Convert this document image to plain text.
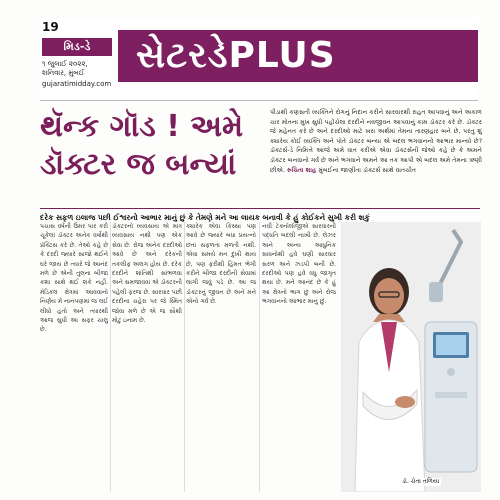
19
મિડ-ડે
૧ જુલાઈ ૨૦૨૨,
શનિવાર, મુંબઈ
gujaratimidday.com
સેટરડેPLUS
થૅન્ક ગૉડ ! અમે
ડૉક્ટર જ બન્યાં
પીડાથી કણસતી વ્યક્તિને રોગનું નિદાન કરીને સારવારથી રાહત આપવાનું અને અકાળ ચાર મોતના મુખ સુધી પહોંચેલા દરદીને નવજીવન આપવાનું કામ ડૉક્ટર કરે છે. ડૉક્ટર જે મહેનત કરે છે અને દરદીઓ માટે ખરા અર્થમાં તેમના તારણહાર બને છે, પરંતુ શું ક્યારેય કોઈ વ્યક્તિ અને પોતે ડૉક્ટર બન્યા એ બદલ ભગવાનનો આભાર માન્યો છે? ડૉક્ટર્સ-ડે નિમિત્તે આજે અમે વાત કરીએ એવા ડૉક્ટર્સની જેઓ કહે છે કે અમને ડૉક્ટર બનવાનો ગર્વ છે અને ભગવાને અમને આ તક આપી એ બદલ અમે તેમના ઋણી છીએ. રુચિતા શાહ મુંબઈના જાણીતા ડૉક્ટર્સ સાથે વાતચીત
દરેક સફળ ઇલાજ પછી ઈશ્વરનો આભાર માનું છું કે તેમણે મને આ લાયક બનાવી કે હું કોઈકને સુખી કરી શકું
પચાસ વર્ષની ઉંમર પાર કરી ચૂકેલાં ડૉક્ટર અનેક વર્ષોથી પ્રૅક્ટિસ કરે છે. તેઓ કહે છે કે દરદી જ્યારે સાજો થઈને ઘરે જાય છે ત્યારે જે આનંદ મળે છે એની તુલના બીજા કશા સાથે થઈ શકે નહીં. મેડિકલ ક્ષેત્રમાં આવવાનો નિર્ણય મેં નાનપણમાં જ લઈ લીધો હતો અને ત્યારથી આજ સુધી આ સફર ચાલુ છે.
ડૉક્ટરનો વ્યવસાય એ માત્ર વ્યવસાય નથી પણ એક સેવા છે. રોજ અનેક દરદીઓ આવે છે અને દરેકની તકલીફ અલગ હોય છે. દરેક દરદીને શાંતિથી સાંભળવા અને સમજાવવા એ ડૉક્ટરની પહેલી ફરજ છે. સારવાર પછી દરદીના ચહેરા પર જે સ્મિત જોવા મળે છે એ જ સૌથી મોટું ઇનામ છે.
ક્યારેક એવા કિસ્સા પણ આવે છે જ્યારે બધા પ્રયત્નો છતાં સફળતા મળતી નથી. એવા સમયે મન દુખી થાય છે, પણ ફરીથી હિંમત ભેગી કરીને બીજા દરદીની સેવામાં લાગી જવું પડે છે. આ જ ડૉક્ટરનું જીવન છે અને મને એનો ગર્વ છે.
નવી ટેક્નૉલૉજીએ સારવારની પદ્ધતિ બદલી નાખી છે. લેઝર અને અન્ય આધુનિક સાધનોથી હવે ઘણી સારવાર સરળ અને ઝડપી બની છે. દરદીઓ પણ હવે વધુ જાગૃત થયા છે. મને આનંદ છે કે હું આ ક્ષેત્રનો ભાગ છું અને રોજ ભગવાનનો આભાર માનું છું.
ડૉ. ચેતા તળિયા
